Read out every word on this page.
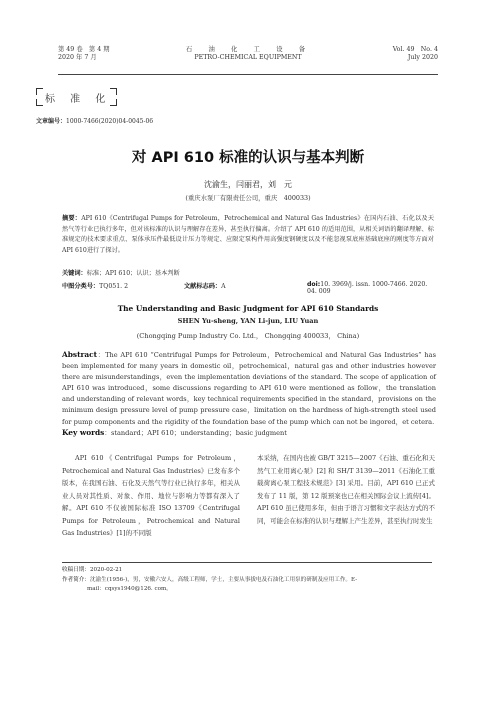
第 49 卷　第 4 期
2020 年 7 月
石　油　化　工　设　备
PETRO-CHEMICAL EQUIPMENT
Vol. 49　No. 4
July 2020
标 准 化
文章编号：1000-7466(2020)04-0045-06
对 API 610 标准的认识与基本判断
沈渝生，闫丽君，刘　元
(重庆水泵厂有限责任公司，重庆　400033)
摘要：API 610《Centrifugal Pumps for Petroleum，Petrochemical and Natural Gas Industries》在国内石油、石化以及天然气等行业已执行多年，但对该标准的认识与理解存在差异，甚至执行偏离。介绍了 API 610 的适用范围，从相关词语的翻译理解、标准规定的技术要求重点、泵体承压件最低设计压力等规定、应限定泵构件用高强度钢硬度以及不能忽视泵底座基础底座的刚度等方面对 API 610进行了探讨。
关键词：标准；API 610；认识；基本判断
中图分类号：TQ051. 2	文献标志码：A	doi:10. 3969/j. issn. 1000-7466. 2020. 04. 009
The Understanding and Basic Judgment for API 610 Standards
SHEN Yu-sheng, YAN Li-jun, LIU Yuan
(Chongqing Pump Industry Co. Ltd.， Chongqing 400033， China)
Abstract：The API 610 “Centrifugal Pumps for Petroleum，Petrochemical and Natural Gas Industries” has been implemented for many years in domestic oil，petrochemical，natural gas and other industries however there are misunderstandings，even the implementation deviations of the standard. The scope of application of API 610 was introduced，some discussions regarding to API 610 were mentioned as follow，the translation and understanding of relevant words，key technical requirements specified in the standard，provisions on the minimum design pressure level of pump pressure case，limitation on the hardness of high-strength steel used for pump components and the rigidity of the foundation base of the pump which can not be ingored，et cetera.
Key words：standard；API 610；understanding；basic judgment
API 610《Centrifugal Pumps for Petroleum，Petrochemical and Natural Gas Industries》已发布多个版本，在我国石油、石化及天然气等行业已执行多年，相关从业人员对其性质、对象、作用、地位与影响力等都有深入了解。API 610 不仅被国际标准 ISO 13709《Centrifugal Pumps for Petroleum，Petrochemical and Natural Gas Industries》[1]的不同版
本采纳，在国内也被 GB/T 3215—2007《石油、重石化和天然气工业用离心泵》[2] 和 SH/T 3139—2011《石油化工重载荷离心泵工程技术规范》[3] 采用。目前，API 610 已正式发布了 11 版，第 12 版预案也已在相关国际会议上流传[4]。API 610 虽已使用多年，但由于语言习惯和文字表达方式的不同，可能会在标准的认识与理解上产生差异，甚至执行时发生
收稿日期：2020-02-21
作者简介：沈渝生(1956-)，男，安徽六安人，高级工程师，学士，主要从事拔电及石油化工用泵的研制及应用工作。E-
mail：cqsys1940@126. com。
